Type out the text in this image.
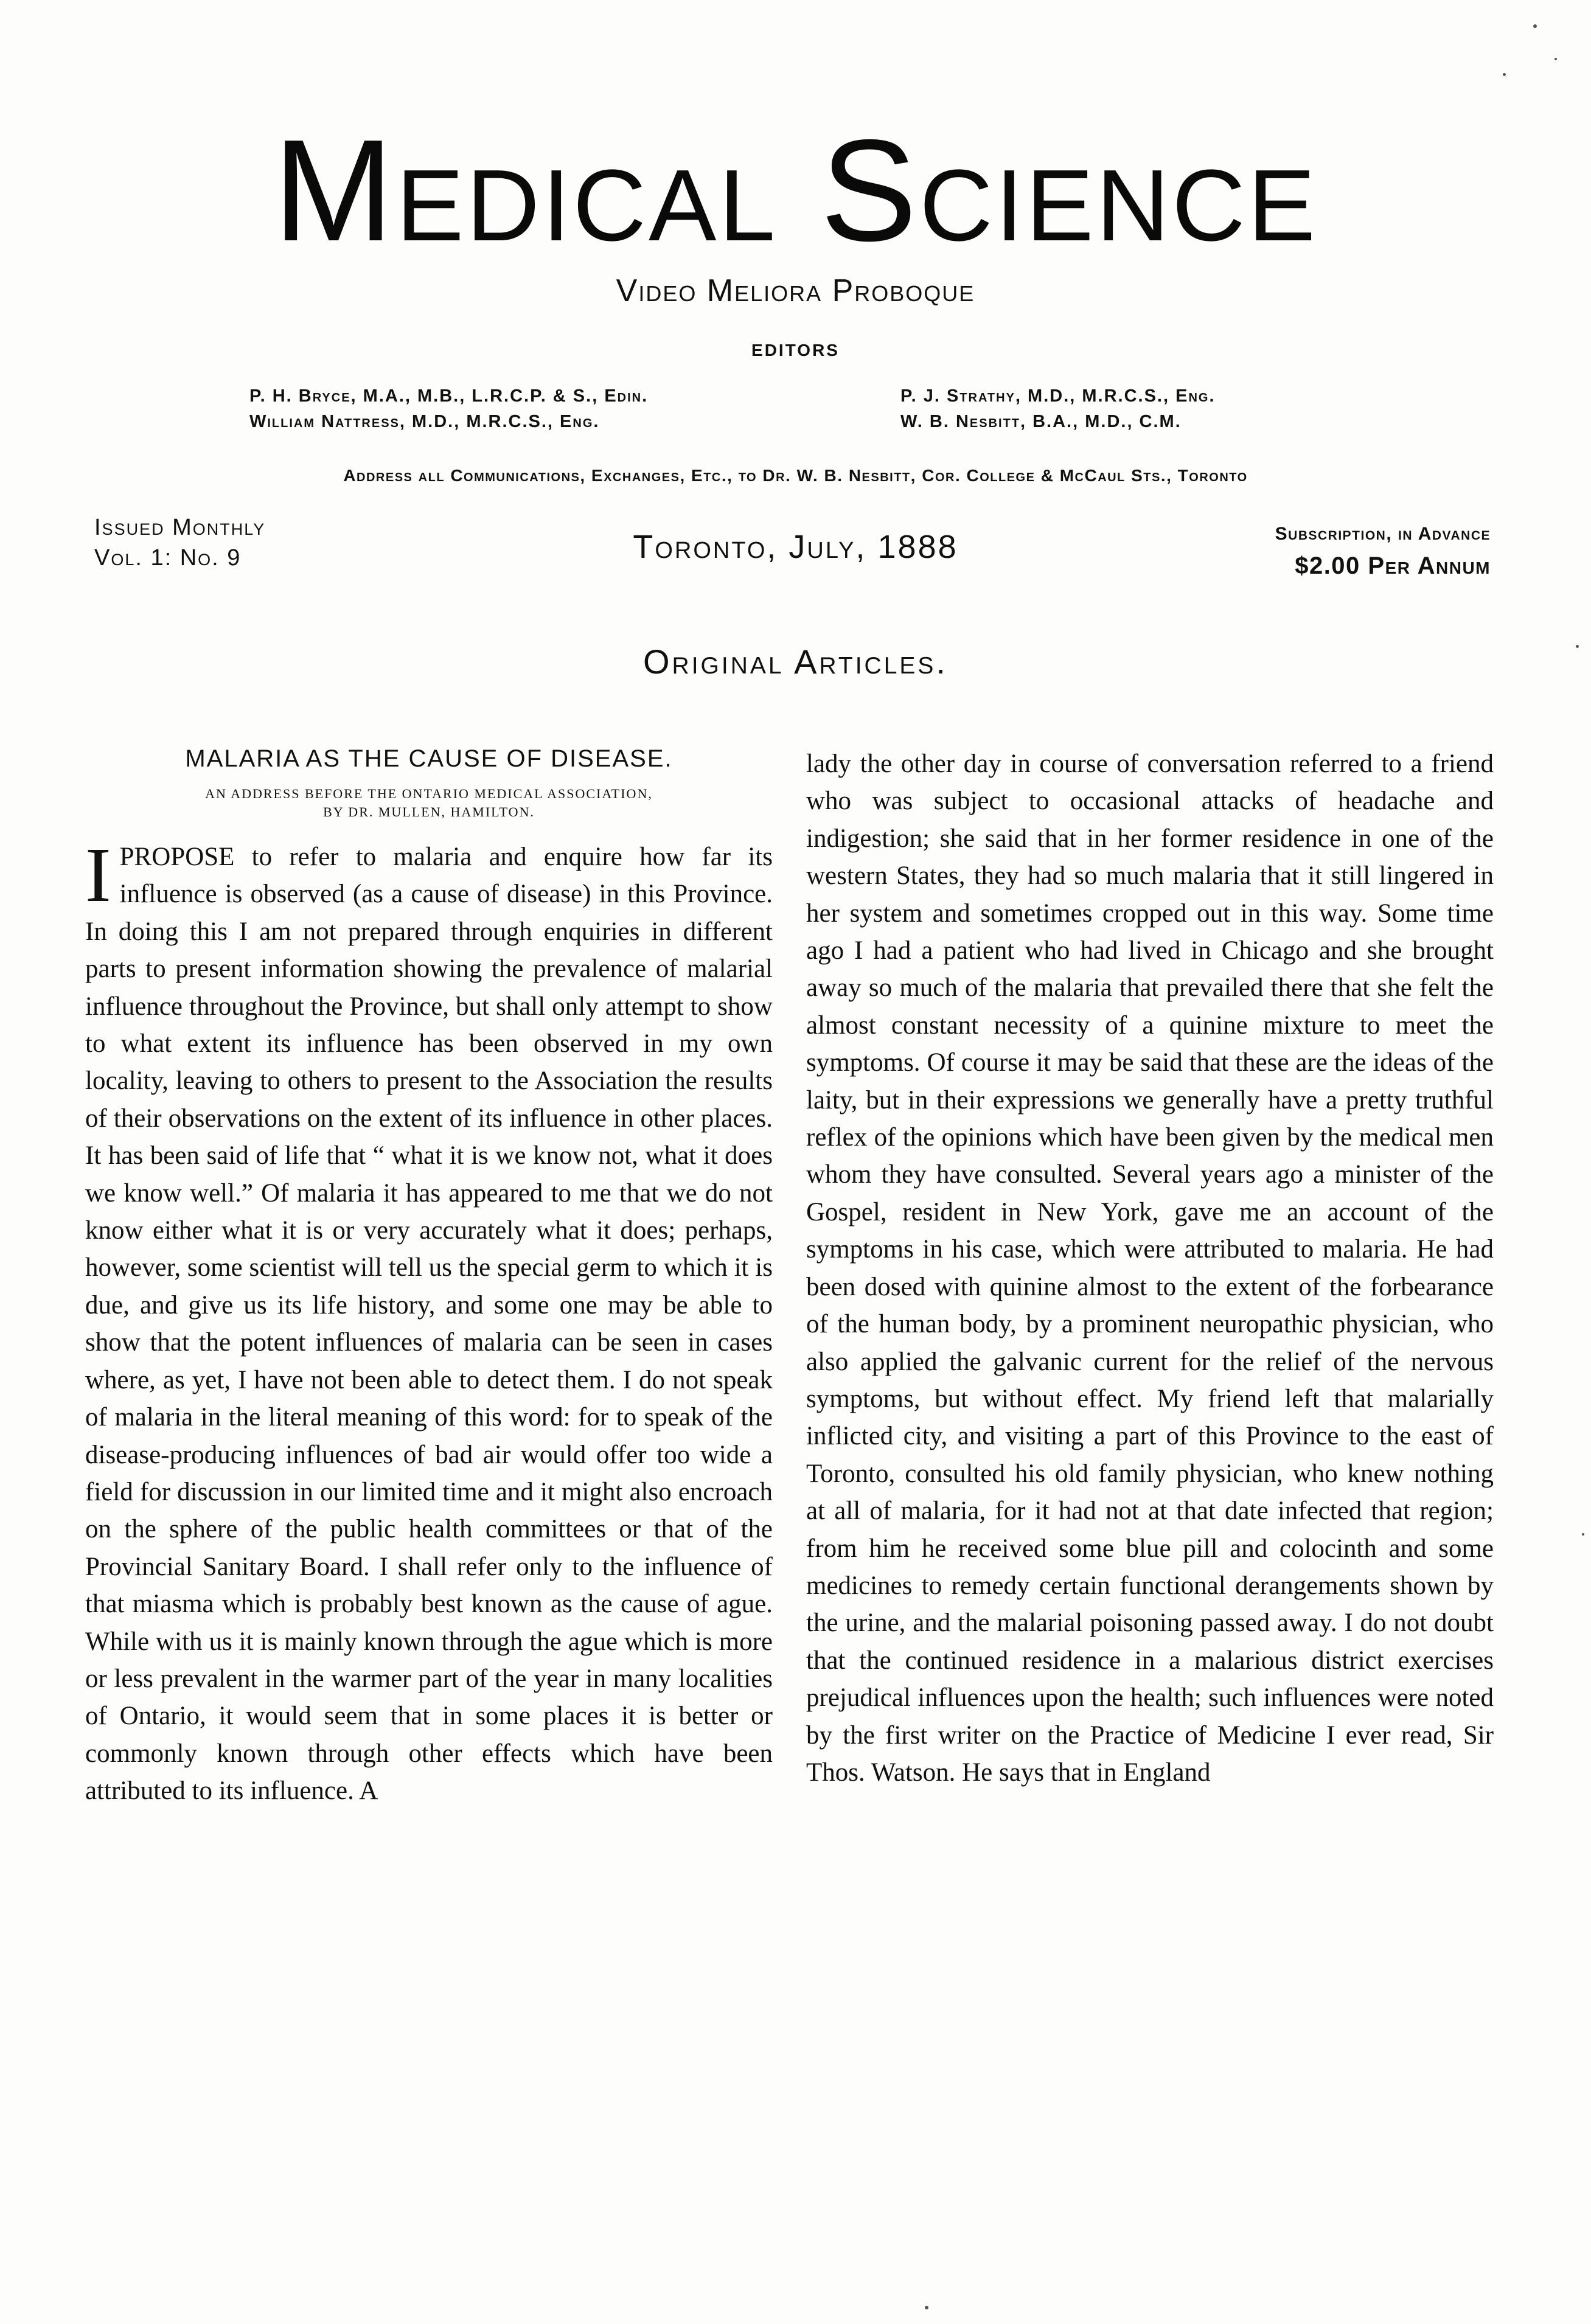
Medical Science
Video Meliora Proboque
EDITORS
P. H. Bryce, M.A., M.B., L.R.C.P. & S., Edin.
William Nattress, M.D., M.R.C.S., Eng.
P. J. Strathy, M.D., M.R.C.S., Eng.
W. B. Nesbitt, B.A., M.D., C.M.
Address all Communications, Exchanges, Etc., to Dr. W. B. Nesbitt, Cor. College & McCaul Sts., Toronto
Issued Monthly
Vol. 1: No. 9	Toronto, July, 1888	Subscription, in Advance
$2.00 Per Annum
Original Articles.
MALARIA AS THE CAUSE OF DISEASE.
AN ADDRESS BEFORE THE ONTARIO MEDICAL ASSOCIATION,
BY DR. MULLEN, HAMILTON.

IPROPOSE to refer to malaria and enquire how far its influence is observed (as a cause of disease) in this Province. In doing this I am not prepared through enquiries in different parts to present information showing the prevalence of malarial influence throughout the Province, but shall only attempt to show to what extent its influence has been observed in my own locality, leaving to others to present to the Association the results of their observations on the extent of its influence in other places. It has been said of life that “ what it is we know not, what it does we know well.” Of malaria it has appeared to me that we do not know either what it is or very accurately what it does; perhaps, however, some scientist will tell us the special germ to which it is due, and give us its life history, and some one may be able to show that the potent influences of malaria can be seen in cases where, as yet, I have not been able to detect them. I do not speak of malaria in the literal meaning of this word: for to speak of the disease-producing influences of bad air would offer too wide a field for discussion in our limited time and it might also encroach on the sphere of the public health committees or that of the Provincial Sanitary Board. I shall refer only to the influence of that miasma which is probably best known as the cause of ague. While with us it is mainly known through the ague which is more or less prevalent in the warmer part of the year in many localities of Ontario, it would seem that in some places it is better or commonly known through other effects which have been attributed to its influence. A

lady the other day in course of conversation referred to a friend who was subject to occasional attacks of headache and indigestion; she said that in her former residence in one of the western States, they had so much malaria that it still lingered in her system and sometimes cropped out in this way. Some time ago I had a patient who had lived in Chicago and she brought away so much of the malaria that prevailed there that she felt the almost constant necessity of a quinine mixture to meet the symptoms. Of course it may be said that these are the ideas of the laity, but in their expressions we generally have a pretty truthful reflex of the opinions which have been given by the medical men whom they have consulted. Several years ago a minister of the Gospel, resident in New York, gave me an account of the symptoms in his case, which were attributed to malaria. He had been dosed with quinine almost to the extent of the forbearance of the human body, by a prominent neuropathic physician, who also applied the galvanic current for the relief of the nervous symptoms, but without effect. My friend left that malarially inflicted city, and visiting a part of this Province to the east of Toronto, consulted his old family physician, who knew nothing at all of malaria, for it had not at that date infected that region; from him he received some blue pill and colocinth and some medicines to remedy certain functional derangements shown by the urine, and the malarial poisoning passed away. I do not doubt that the continued residence in a malarious district exercises prejudical influences upon the health; such influences were noted by the first writer on the Practice of Medicine I ever read, Sir Thos. Watson. He says that in England
